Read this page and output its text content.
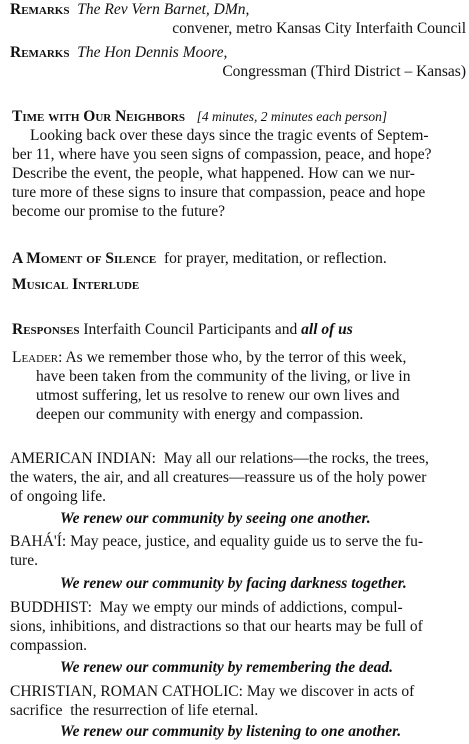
Remarks The Rev Vern Barnet, DMn,
convener, metro Kansas City Interfaith Council
Remarks The Hon Dennis Moore,
Congressman (Third District – Kansas)
Time with Our Neighbors [4 minutes, 2 minutes each person]
Looking back over these days since the tragic events of Septem-
ber 11, where have you seen signs of compassion, peace, and hope?
Describe the event, the people, what happened. How can we nur-
ture more of these signs to insure that compassion, peace and hope
become our promise to the future?
A Moment of Silence for prayer, meditation, or reflection.
Musical Interlude
Responses Interfaith Council Participants and all of us
Leader: As we remember those who, by the terror of this week,
have been taken from the community of the living, or live in
utmost suffering, let us resolve to renew our own lives and
deepen our community with energy and compassion.
AMERICAN INDIAN: May all our relations—the rocks, the trees,
the waters, the air, and all creatures—reassure us of the holy power
of ongoing life.
We renew our community by seeing one another.
BAHÁ'Í: May peace, justice, and equality guide us to serve the fu-
ture.
We renew our community by facing darkness together.
BUDDHIST: May we empty our minds of addictions, compul-
sions, inhibitions, and distractions so that our hearts may be full of
compassion.
We renew our community by remembering the dead.
CHRISTIAN, ROMAN CATHOLIC: May we discover in acts of
sacrifice  the resurrection of life eternal.
We renew our community by listening to one another.
